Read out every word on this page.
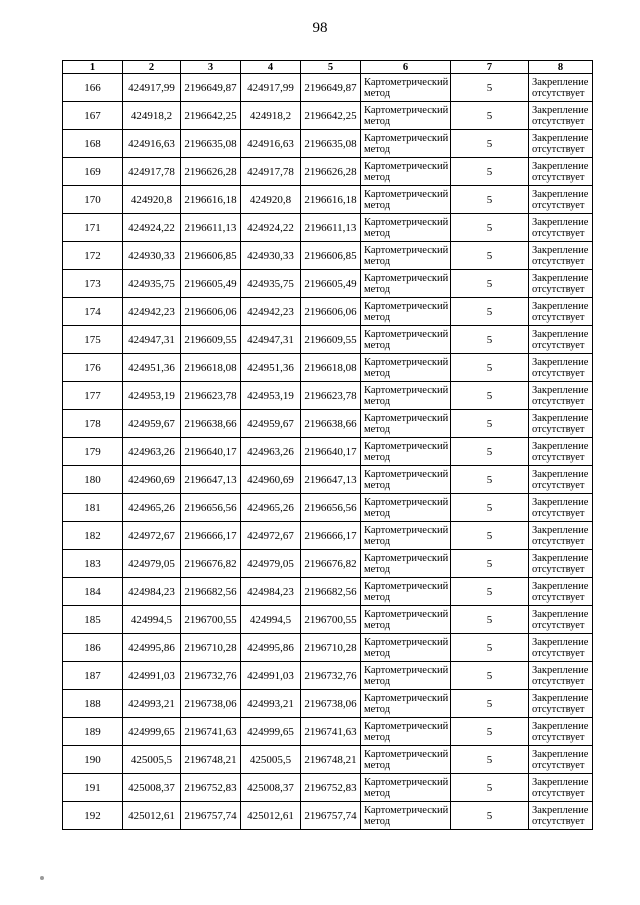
98
1	2	3	4	5	6	7	8
166	424917,99	2196649,87	424917,99	2196649,87	Картометрический метод	5	Закрепление отсутствует
167	424918,2	2196642,25	424918,2	2196642,25	Картометрический метод	5	Закрепление отсутствует
168	424916,63	2196635,08	424916,63	2196635,08	Картометрический метод	5	Закрепление отсутствует
169	424917,78	2196626,28	424917,78	2196626,28	Картометрический метод	5	Закрепление отсутствует
170	424920,8	2196616,18	424920,8	2196616,18	Картометрический метод	5	Закрепление отсутствует
171	424924,22	2196611,13	424924,22	2196611,13	Картометрический метод	5	Закрепление отсутствует
172	424930,33	2196606,85	424930,33	2196606,85	Картометрический метод	5	Закрепление отсутствует
173	424935,75	2196605,49	424935,75	2196605,49	Картометрический метод	5	Закрепление отсутствует
174	424942,23	2196606,06	424942,23	2196606,06	Картометрический метод	5	Закрепление отсутствует
175	424947,31	2196609,55	424947,31	2196609,55	Картометрический метод	5	Закрепление отсутствует
176	424951,36	2196618,08	424951,36	2196618,08	Картометрический метод	5	Закрепление отсутствует
177	424953,19	2196623,78	424953,19	2196623,78	Картометрический метод	5	Закрепление отсутствует
178	424959,67	2196638,66	424959,67	2196638,66	Картометрический метод	5	Закрепление отсутствует
179	424963,26	2196640,17	424963,26	2196640,17	Картометрический метод	5	Закрепление отсутствует
180	424960,69	2196647,13	424960,69	2196647,13	Картометрический метод	5	Закрепление отсутствует
181	424965,26	2196656,56	424965,26	2196656,56	Картометрический метод	5	Закрепление отсутствует
182	424972,67	2196666,17	424972,67	2196666,17	Картометрический метод	5	Закрепление отсутствует
183	424979,05	2196676,82	424979,05	2196676,82	Картометрический метод	5	Закрепление отсутствует
184	424984,23	2196682,56	424984,23	2196682,56	Картометрический метод	5	Закрепление отсутствует
185	424994,5	2196700,55	424994,5	2196700,55	Картометрический метод	5	Закрепление отсутствует
186	424995,86	2196710,28	424995,86	2196710,28	Картометрический метод	5	Закрепление отсутствует
187	424991,03	2196732,76	424991,03	2196732,76	Картометрический метод	5	Закрепление отсутствует
188	424993,21	2196738,06	424993,21	2196738,06	Картометрический метод	5	Закрепление отсутствует
189	424999,65	2196741,63	424999,65	2196741,63	Картометрический метод	5	Закрепление отсутствует
190	425005,5	2196748,21	425005,5	2196748,21	Картометрический метод	5	Закрепление отсутствует
191	425008,37	2196752,83	425008,37	2196752,83	Картометрический метод	5	Закрепление отсутствует
192	425012,61	2196757,74	425012,61	2196757,74	Картометрический метод	5	Закрепление отсутствует
